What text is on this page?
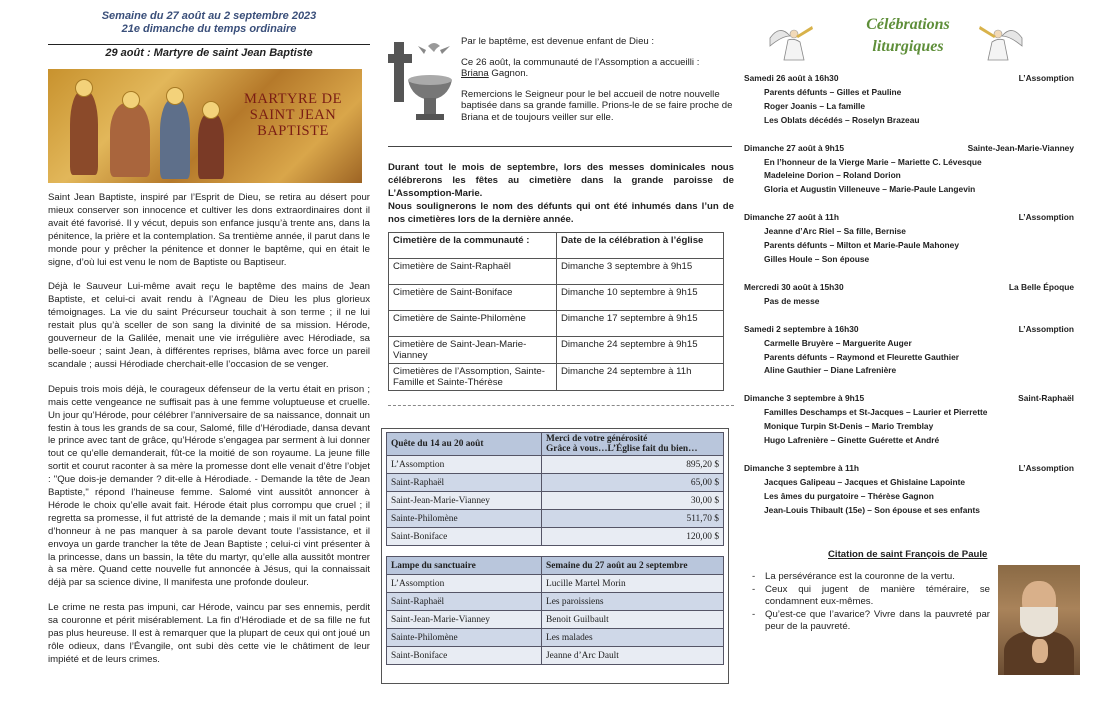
Semaine du 27 août au 2 septembre 2023
21e dimanche du temps ordinaire
29 août : Martyre de saint Jean Baptiste
MARTYRE DE SAINT JEAN BAPTISTE

Saint Jean Baptiste, inspiré par l’Esprit de Dieu, se retira au désert pour mieux conserver son innocence et cultiver les dons extraordinaires dont il avait été favorisé. Il y vécut, depuis son enfance jusqu’à trente ans, dans la pénitence, la prière et la contemplation. Sa trentième année, il parut dans le monde pour y prêcher la pénitence et donner le baptême, qui en était le signe, d’où lui est venu le nom de Baptiste ou Baptiseur.

Déjà le Sauveur Lui-même avait reçu le baptême des mains de Jean Baptiste, et celui-ci avait rendu à l’Agneau de Dieu les plus glorieux témoignages. La vie du saint Précurseur touchait à son terme ; il ne lui restait plus qu’à sceller de son sang la divinité de sa mission. Hérode, gouverneur de la Galilée, menait une vie irrégulière avec Hérodiade, sa belle-soeur ; saint Jean, à différentes reprises, blâma avec force un pareil scandale ; aussi Hérodiade cherchait-elle l’occasion de se venger.

Depuis trois mois déjà, le courageux défenseur de la vertu était en prison ; mais cette vengeance ne suffisait pas à une femme voluptueuse et cruelle. Un jour qu’Hérode, pour célébrer l’anniversaire de sa naissance, donnait un festin à tous les grands de sa cour, Salomé, fille d’Hérodiade, dansa devant le prince avec tant de grâce, qu’Hérode s’engagea par serment à lui donner tout ce qu’elle demanderait, fût-ce la moitié de son royaume. La jeune fille sortit et courut raconter à sa mère la promesse dont elle venait d’être l’objet : "Que dois-je demander ? dit-elle à Hérodiade. - Demande la tête de Jean Baptiste," répond l’haineuse femme. Salomé vint aussitôt annoncer à Hérode le choix qu’elle avait fait. Hérode était plus corrompu que cruel ; il regretta sa promesse, il fut attristé de la demande ; mais il mit un fatal point d’honneur à ne pas manquer à sa parole devant toute l’assistance, et il envoya un garde trancher la tête de Jean Baptiste ; celui-ci vint présenter à la princesse, dans un bassin, la tête du martyr, qu’elle alla aussitôt montrer à sa mère. Quand cette nouvelle fut annoncée à Jésus, qui la connaissait déjà par sa science divine, Il manifesta une profonde douleur.

Le crime ne resta pas impuni, car Hérode, vaincu par ses ennemis, perdit sa couronne et périt misérablement. La fin d’Hérodiade et de sa fille ne fut pas plus heureuse. Il est à remarquer que la plupart de ceux qui ont joué un rôle odieux, dans l’Évangile, ont subi dès cette vie le châtiment de leur impiété et de leurs crimes.

Par le baptême, est devenue enfant de Dieu :

Ce 26 août, la communauté de l’Assomption a accueilli :
Briana Gagnon.

Remercions le Seigneur pour le bel accueil de notre nouvelle baptisée dans sa grande famille. Prions-le de se faire proche de Briana et de toujours veiller sur elle.

Durant tout le mois de septembre, lors des messes dominicales nous célébrerons les fêtes au cimetière dans la grande paroisse de L’Assomption-Marie.
Nous soulignerons le nom des défunts qui ont été inhumés dans l’un de nos cimetières lors de la dernière année.

Cimetière de la communauté :	Date de la célébration à l’église
Cimetière de Saint-Raphaël	Dimanche 3 septembre à 9h15
Cimetière de Saint-Boniface	Dimanche 10 septembre à 9h15
Cimetière de Sainte-Philomène	Dimanche 17 septembre à 9h15
Cimetière de Saint-Jean-Marie-Vianney	Dimanche 24 septembre à 9h15
Cimetières de l’Assomption, Sainte-Famille et Sainte-Thérèse	Dimanche 24 septembre à 11h
Quête du 14 au 20 août	Merci de votre générosité
Grâce à vous…L’Église fait du bien…
L’Assomption	895,20 $
Saint-Raphaël	65,00 $
Saint-Jean-Marie-Vianney	30,00 $
Sainte-Philomène	511,70 $
Saint-Boniface	120,00 $
Lampe du sanctuaire	Semaine du 27 août au 2 septembre
L’Assomption	Lucille Martel Morin
Saint-Raphaël	Les paroissiens
Saint-Jean-Marie-Vianney	Benoit Guilbault
Sainte-Philomène	Les malades
Saint-Boniface	Jeanne d’Arc Dault
Célébrations
liturgiques
Samedi 26 août à 16h30	L’Assomption
Parents défunts – Gilles et Pauline
Roger Joanis – La famille
Les Oblats décédés – Roselyn Brazeau
Dimanche 27 août à 9h15	Sainte-Jean-Marie-Vianney
En l’honneur de la Vierge Marie – Mariette C. Lévesque
Madeleine Dorion – Roland Dorion
Gloria et Augustin Villeneuve – Marie-Paule Langevin
Dimanche 27 août à 11h	L’Assomption
Jeanne d’Arc Riel – Sa fille, Bernise
Parents défunts – Milton et Marie-Paule Mahoney
Gilles Houle – Son épouse
Mercredi 30 août à 15h30	La Belle Époque
Pas de messe
Samedi 2 septembre à 16h30	L’Assomption
Carmelle Bruyère – Marguerite Auger
Parents défunts – Raymond et Fleurette Gauthier
Aline Gauthier – Diane Lafrenière
Dimanche 3 septembre à 9h15	Saint-Raphaël
Familles Deschamps et St-Jacques – Laurier et Pierrette
Monique Turpin St-Denis – Mario Tremblay
Hugo Lafrenière – Ginette Guérette et André
Dimanche 3 septembre à 11h	L’Assomption
Jacques Galipeau – Jacques et Ghislaine Lapointe
Les âmes du purgatoire – Thérèse Gagnon
Jean-Louis Thibault (15e) – Son épouse et ses enfants
Citation de saint François de Paule
- La persévérance est la couronne de la vertu.
- Ceux qui jugent de manière téméraire, se condamnent eux-mêmes.
- Qu’est-ce que l’avarice? Vivre dans la pauvreté par peur de la pauvreté.
